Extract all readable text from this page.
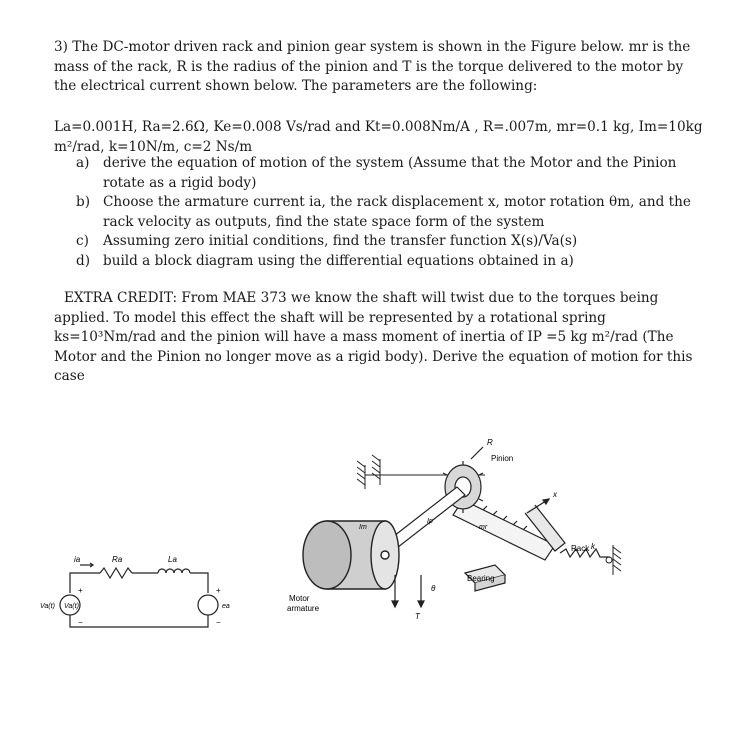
3) The DC-motor driven rack and pinion gear system is shown in the Figure below. mr is the mass of the rack, R is the radius of the pinion and T is the torque delivered to the motor by the electrical current shown below. The parameters are the following:

La=0.001H, Ra=2.6Ω, Ke=0.008 Vs/rad and Kt=0.008Nm/A , R=.007m, mr=0.1 kg, Im=10kg m²/rad, k=10N/m, c=2 Ns/m

a) derive the equation of motion of the system (Assume that the Motor and the Pinion rotate as a rigid body)
b) Choose the armature current ia, the rack displacement x, motor rotation θm, and the rack velocity as outputs, find the state space form of the system
c)	Assuming zero initial conditions, find the transfer function X(s)/Va(s)
d) build a block diagram using the differential equations obtained in a)

EXTRA CREDIT: From MAE 373 we know the shaft will twist due to the torques being applied. To model this effect the shaft will be represented by a rotational spring ks=10³Nm/rad and the pinion will have a mass moment of inertia of IP =5 kg m²/rad (The Motor and the Pinion no longer move as a rigid body). Derive the equation of motion for this case

ia	Ra	La
Va(t)
Va(t)	ea
+
−
+
−
R
Pinion
Ip
mr
Im
x
Rack
Bearing
k
Motor
armature
T
θ
